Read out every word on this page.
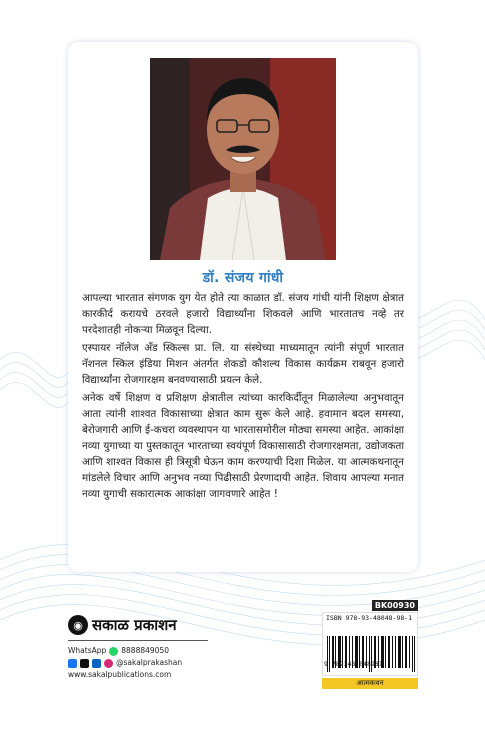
डॉ. संजय गांधी

आपल्या भारतात संगणक युग येत होते त्या काळात डॉ. संजय गांधी यांनी शिक्षण क्षेत्रात कारकीर्द करायचे ठरवले हजारो विद्यार्थ्यांना शिकवले आणि भारतातच नव्हे तर परदेशातही नोकऱ्या मिळवून दिल्या.

एस्पायर नॉलेज अँड स्किल्स प्रा. लि. या संस्थेच्या माध्यमातून त्यांनी संपूर्ण भारतात नॅशनल स्किल इंडिया मिशन अंतर्गत शेकडो कौशल्य विकास कार्यक्रम राबवून हजारो विद्यार्थ्यांना रोजगारक्षम बनवण्यासाठी प्रयत्न केले.

अनेक वर्षे शिक्षण व प्रशिक्षण क्षेत्रातील त्यांच्या कारकिर्दीतून मिळालेल्या अनुभवातून आता त्यांनी शाश्वत विकासाच्या क्षेत्रात काम सुरू केले आहे. हवामान बदल समस्या, बेरोजगारी आणि ई-कचरा व्यवस्थापन या भारतासमोरील मोठ्या समस्या आहेत. आकांक्षा नव्या युगाच्या या पुस्तकातून भारताच्या स्वयंपूर्ण विकासासाठी रोजगारक्षमता, उद्योजकता आणि शाश्वत विकास ही त्रिसूत्री घेऊन काम करण्याची दिशा मिळेल. या आत्मकथनातून मांडलेले विचार आणि अनुभव नव्या पिढीसाठी प्रेरणादायी आहेत. शिवाय आपल्या मनात नव्या युगाची सकारात्मक आकांक्षा जागवणारे आहेत !

◉ सकाळ प्रकाशन
WhatsApp 8888849050
@sakalprakashan
www.sakalpublications.com
BK00930
ISBN 978-93-48048-98-1
9 789348 048981
आत्मकथन
